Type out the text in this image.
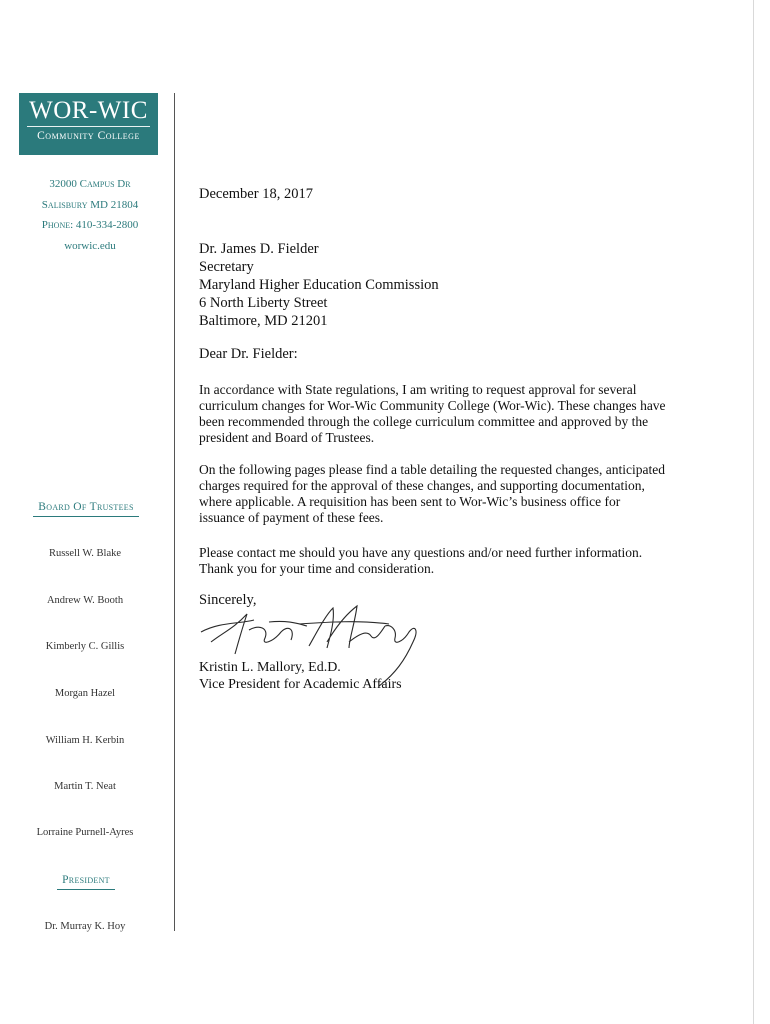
WOR-WIC
Community College
32000 Campus Dr
Salisbury MD 21804
Phone: 410-334-2800
worwic.edu
Board Of Trustees
Russell W. Blake
Andrew W. Booth
Kimberly C. Gillis
Morgan Hazel
William H. Kerbin
Martin T. Neat
Lorraine Purnell-Ayres
President
Dr. Murray K. Hoy
December 18, 2017
Dr. James D. Fielder
Secretary
Maryland Higher Education Commission
6 North Liberty Street
Baltimore, MD 21201
Dear Dr. Fielder:
In accordance with State regulations, I am writing to request approval for several curriculum changes for Wor-Wic Community College (Wor-Wic). These changes have been recommended through the college curriculum committee and approved by the president and Board of Trustees.
On the following pages please find a table detailing the requested changes, anticipated charges required for the approval of these changes, and supporting documentation, where applicable. A requisition has been sent to Wor-Wic’s business office for issuance of payment of these fees.
Please contact me should you have any questions and/or need further information. Thank you for your time and consideration.
Sincerely,
Kristin L. Mallory, Ed.D.
Vice President for Academic Affairs
